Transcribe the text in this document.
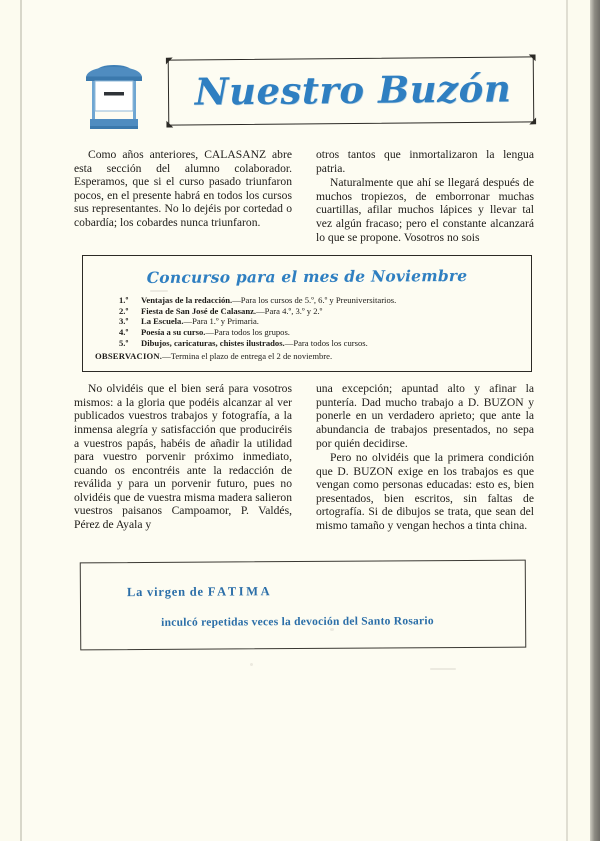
Nuestro Buzón

Como años anteriores, CALASANZ abre esta sección del alumno colaborador. Esperamos, que si el curso pasado triunfaron pocos, en el presente habrá en todos los cursos sus representantes. No lo dejéis por cortedad o cobardía; los cobardes nunca triunfaron.

otros tantos que inmortalizaron la lengua patria.

Naturalmente que ahí se llegará después de muchos tropiezos, de emborronar muchas cuartillas, afilar muchos lápices y llevar tal vez algún fracaso; pero el constante alcanzará lo que se propone. Vosotros no sois

Concurso para el mes de Noviembre
1.º Ventajas de la redacción.—Para los cursos de 5.º, 6.º y Preuniversitarios.
2.º Fiesta de San José de Calasanz.—Para 4.º, 3.º y 2.º
3.º La Escuela.—Para 1.º y Primaria.
4.º Poesía a su curso.—Para todos los grupos.
5.º Dibujos, caricaturas, chistes ilustrados.—Para todos los cursos.
OBSERVACION.—Termina el plazo de entrega el 2 de noviembre.

No olvidéis que el bien será para vosotros mismos: a la gloria que podéis alcanzar al ver publicados vuestros trabajos y fotografía, a la inmensa alegría y satisfacción que produciréis a vuestros papás, habéis de añadir la utilidad para vuestro porvenir próximo inmediato, cuando os encontréis ante la redacción de reválida y para un porvenir futuro, pues no olvidéis que de vuestra misma madera salieron vuestros paisanos Campoamor, P. Valdés, Pérez de Ayala y

una excepción; apuntad alto y afinar la puntería. Dad mucho trabajo a D. BUZON y ponerle en un verdadero aprieto; que ante la abundancia de trabajos presentados, no sepa por quién decidirse.

Pero no olvidéis que la primera condición que D. BUZON exige en los trabajos es que vengan como personas educadas: esto es, bien presentados, bien escritos, sin faltas de ortografía. Si de dibujos se trata, que sean del mismo tamaño y vengan hechos a tinta china.

La virgen de FATIMA
inculcó repetidas veces la devoción del Santo Rosario
